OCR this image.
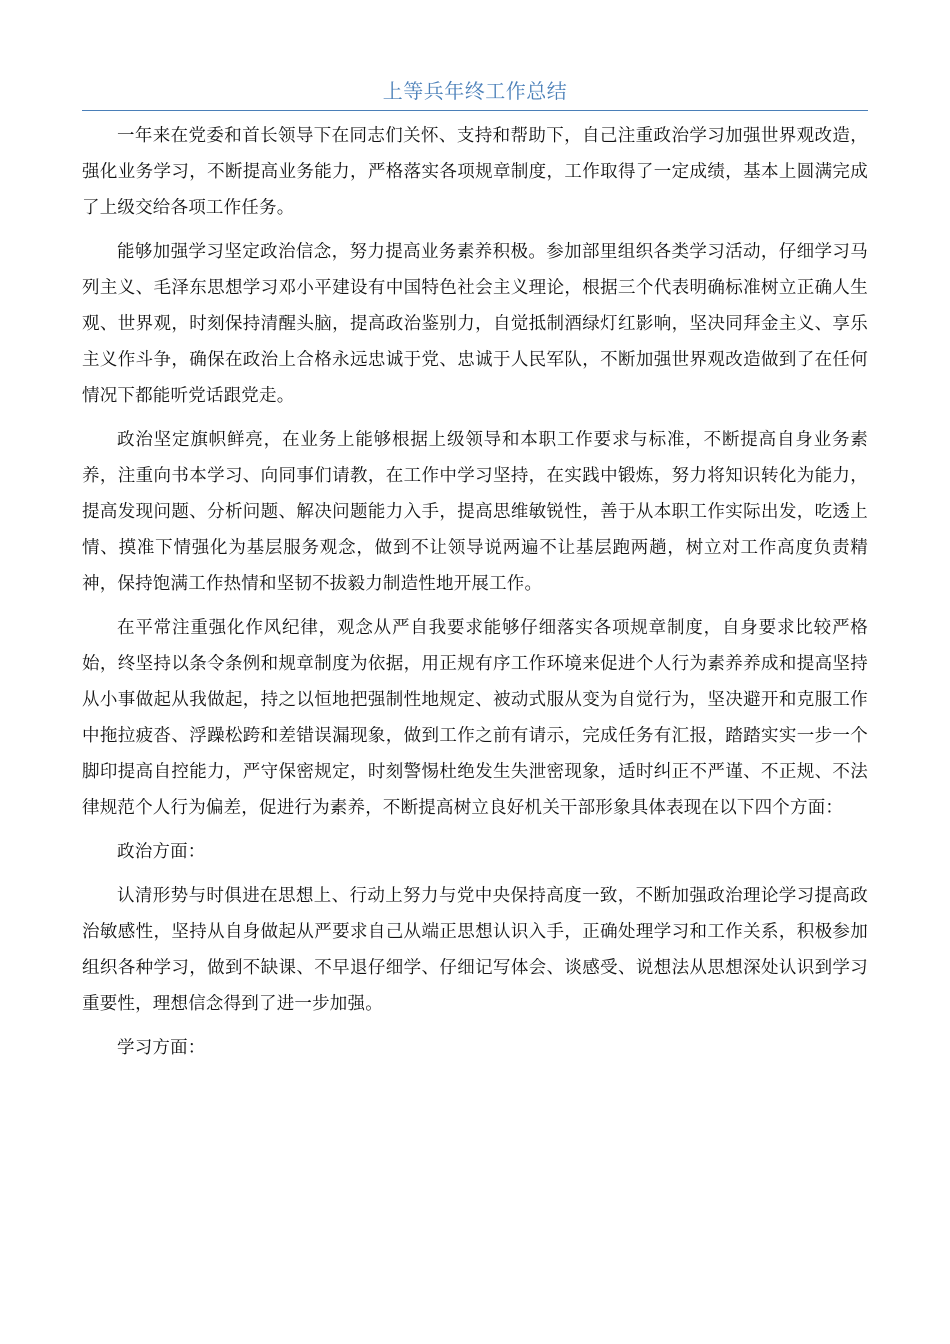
上等兵年终工作总结

一年来在党委和首长领导下在同志们关怀、支持和帮助下，自己注重政治学习加强世界观改造，强化业务学习，不断提高业务能力，严格落实各项规章制度，工作取得了一定成绩，基本上圆满完成了上级交给各项工作任务。

能够加强学习坚定政治信念，努力提高业务素养积极。参加部里组织各类学习活动，仔细学习马列主义、毛泽东思想学习邓小平建设有中国特色社会主义理论，根据三个代表明确标准树立正确人生观、世界观，时刻保持清醒头脑，提高政治鉴别力，自觉抵制酒绿灯红影响，坚决同拜金主义、享乐主义作斗争，确保在政治上合格永远忠诚于党、忠诚于人民军队，不断加强世界观改造做到了在任何情况下都能听党话跟党走。

政治坚定旗帜鲜亮，在业务上能够根据上级领导和本职工作要求与标准，不断提高自身业务素养，注重向书本学习、向同事们请教，在工作中学习坚持，在实践中锻炼，努力将知识转化为能力，提高发现问题、分析问题、解决问题能力入手，提高思维敏锐性，善于从本职工作实际出发，吃透上情、摸准下情强化为基层服务观念，做到不让领导说两遍不让基层跑两趟，树立对工作高度负责精神，保持饱满工作热情和坚韧不拔毅力制造性地开展工作。

在平常注重强化作风纪律，观念从严自我要求能够仔细落实各项规章制度，自身要求比较严格始，终坚持以条令条例和规章制度为依据，用正规有序工作环境来促进个人行为素养养成和提高坚持从小事做起从我做起，持之以恒地把强制性地规定、被动式服从变为自觉行为，坚决避开和克服工作中拖拉疲沓、浮躁松跨和差错误漏现象，做到工作之前有请示，完成任务有汇报，踏踏实实一步一个脚印提高自控能力，严守保密规定，时刻警惕杜绝发生失泄密现象，适时纠正不严谨、不正规、不法律规范个人行为偏差，促进行为素养，不断提高树立良好机关干部形象具体表现在以下四个方面：

政治方面：

认清形势与时俱进在思想上、行动上努力与党中央保持高度一致，不断加强政治理论学习提高政治敏感性，坚持从自身做起从严要求自己从端正思想认识入手，正确处理学习和工作关系，积极参加组织各种学习，做到不缺课、不早退仔细学、仔细记写体会、谈感受、说想法从思想深处认识到学习重要性，理想信念得到了进一步加强。

学习方面：
